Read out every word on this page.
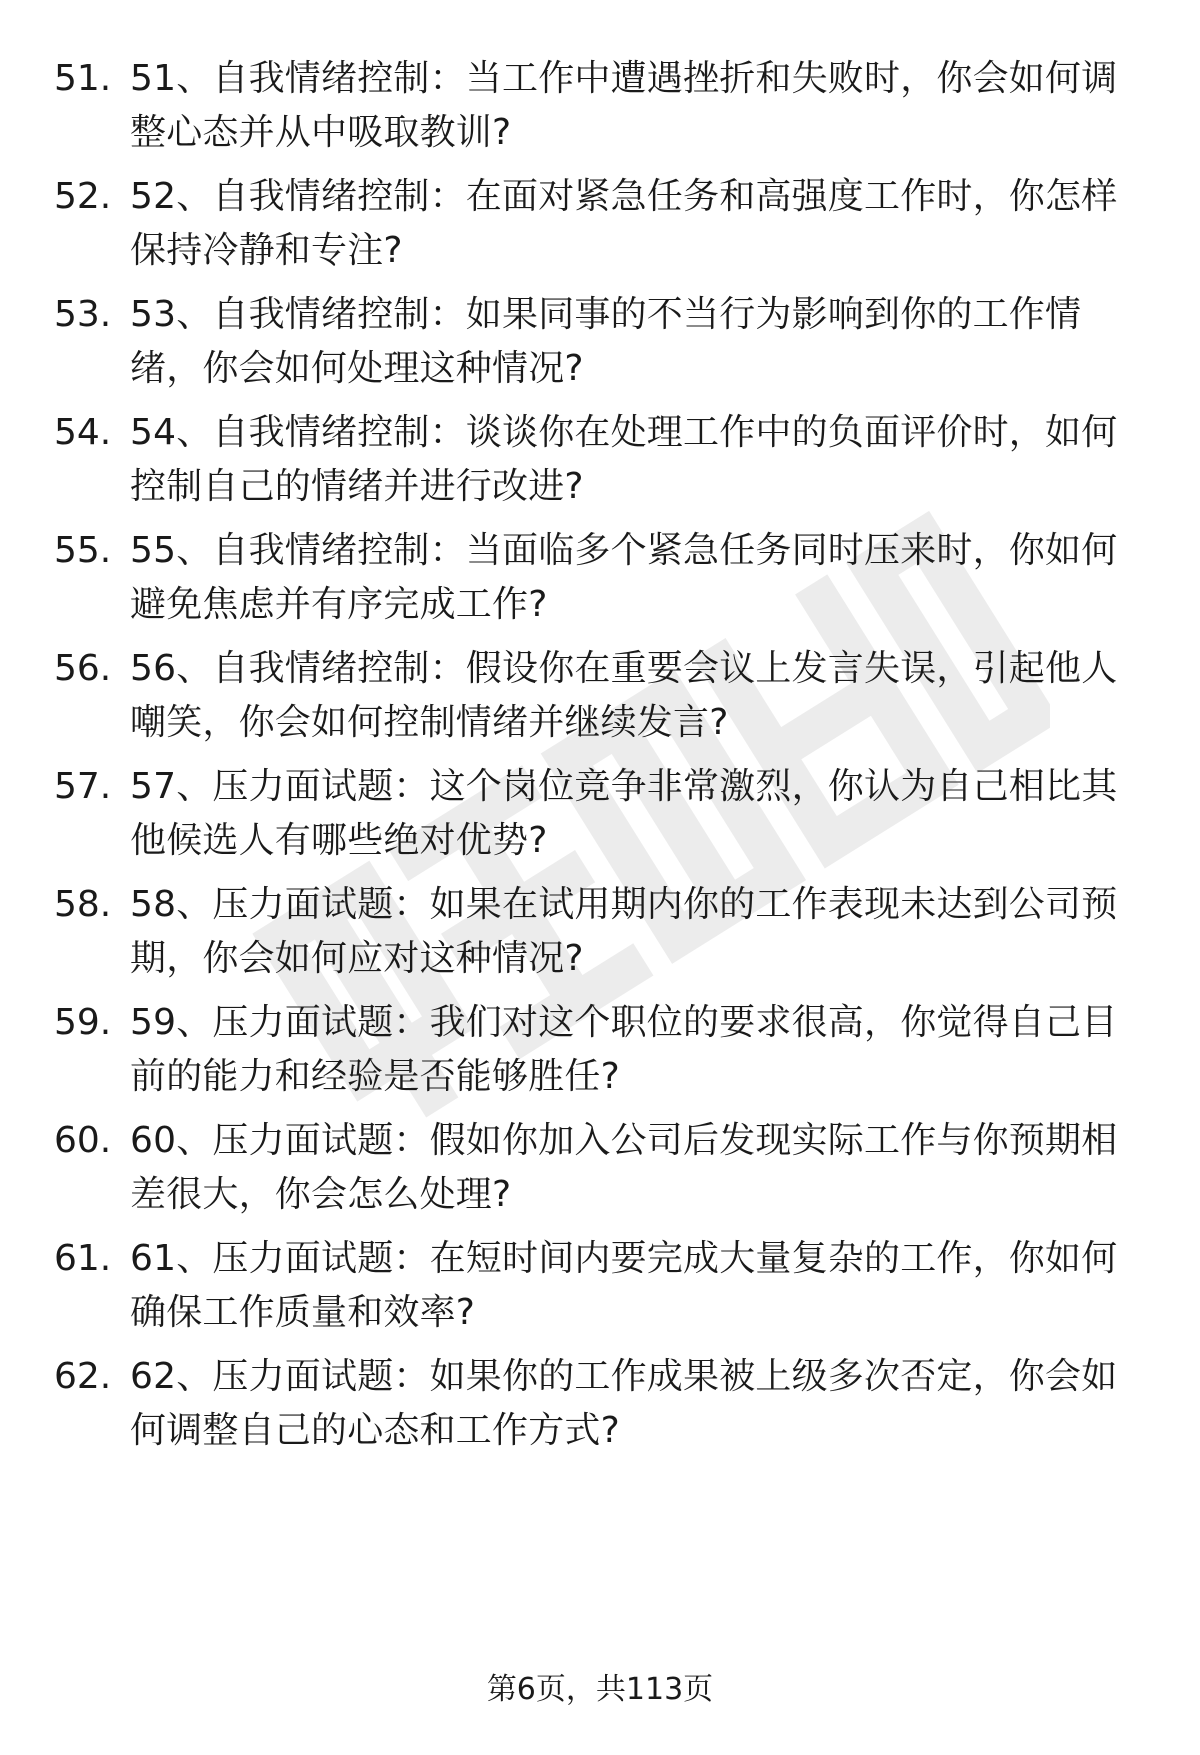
51. 51、自我情绪控制：当工作中遭遇挫折和失败时，你会如何调整心态并从中吸取教训?
52. 52、自我情绪控制：在面对紧急任务和高强度工作时，你怎样保持冷静和专注?
53. 53、自我情绪控制：如果同事的不当行为影响到你的工作情绪，你会如何处理这种情况?
54. 54、自我情绪控制：谈谈你在处理工作中的负面评价时，如何控制自己的情绪并进行改进?
55. 55、自我情绪控制：当面临多个紧急任务同时压来时，你如何避免焦虑并有序完成工作?
56. 56、自我情绪控制：假设你在重要会议上发言失误，引起他人嘲笑，你会如何控制情绪并继续发言?
57. 57、压力面试题：这个岗位竞争非常激烈，你认为自己相比其他候选人有哪些绝对优势?
58. 58、压力面试题：如果在试用期内你的工作表现未达到公司预期，你会如何应对这种情况?
59. 59、压力面试题：我们对这个职位的要求很高，你觉得自己目前的能力和经验是否能够胜任?
60. 60、压力面试题：假如你加入公司后发现实际工作与你预期相差很大，你会怎么处理?
61. 61、压力面试题：在短时间内要完成大量复杂的工作，你如何确保工作质量和效率?
62. 62、压力面试题：如果你的工作成果被上级多次否定，你会如何调整自己的心态和工作方式?
第6页，共113页
